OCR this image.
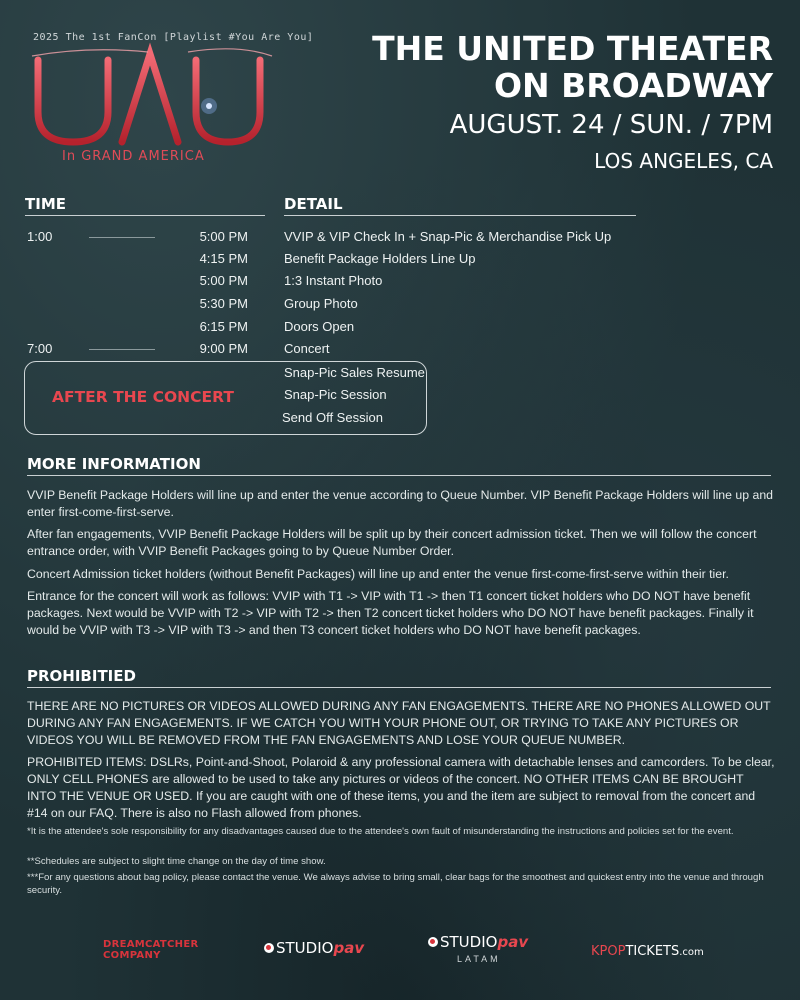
2025 The 1st FanCon [Playlist #You Are You]
In GRAND AMERICA
THE UNITED THEATER ON BROADWAY
AUGUST. 24 / SUN. / 7PM
LOS ANGELES, CA
TIME	DETAIL
1:00	5:00 PM	VVIP & VIP Check In + Snap-Pic & Merchandise Pick Up
4:15 PM	Benefit Package Holders Line Up
5:00 PM	1:3 Instant Photo
5:30 PM	Group Photo
6:15 PM	Doors Open
7:00	9:00 PM	Concert
AFTER THE CONCERT
Snap-Pic Sales Resume
Snap-Pic Session
Send Off Session
MORE INFORMATION
VVIP Benefit Package Holders will line up and enter the venue according to Queue Number. VIP Benefit Package Holders will line up and enter first-come-first-serve.
After fan engagements, VVIP Benefit Package Holders will be split up by their concert admission ticket. Then we will follow the concert entrance order, with VVIP Benefit Packages going to by Queue Number Order.
Concert Admission ticket holders (without Benefit Packages) will line up and enter the venue first-come-first-serve within their tier.
Entrance for the concert will work as follows: VVIP with T1 -> VIP with T1 -> then T1 concert ticket holders who DO NOT have benefit packages. Next would be VVIP with T2 -> VIP with T2 -> then T2 concert ticket holders who DO NOT have benefit packages. Finally it would be VVIP with T3 -> VIP with T3 -> and then T3 concert ticket holders who DO NOT have benefit packages.
PROHIBITIED
THERE ARE NO PICTURES OR VIDEOS ALLOWED DURING ANY FAN ENGAGEMENTS. THERE ARE NO PHONES ALLOWED OUT DURING ANY FAN ENGAGEMENTS. IF WE CATCH YOU WITH YOUR PHONE OUT, OR TRYING TO TAKE ANY PICTURES OR VIDEOS YOU WILL BE REMOVED FROM THE FAN ENGAGEMENTS AND LOSE YOUR QUEUE NUMBER.
PROHIBITED ITEMS: DSLRs, Point-and-Shoot, Polaroid & any professional camera with detachable lenses and camcorders. To be clear, ONLY CELL PHONES are allowed to be used to take any pictures or videos of the concert. NO OTHER ITEMS CAN BE BROUGHT INTO THE VENUE OR USED. If you are caught with one of these items, you and the item are subject to removal from the concert and #14 on our FAQ. There is also no Flash allowed from phones.
*It is the attendee's sole responsibility for any disadvantages caused due to the attendee's own fault of misunderstanding the instructions and policies set for the event.
**Schedules are subject to slight time change on the day of time show.
***For any questions about bag policy, please contact the venue. We always advise to bring small, clear bags for the smoothest and quickest entry into the venue and through security.
DREAMCATCHER
COMPANY	STUDIOpav	STUDIOpav
LATAM	KPOPTICKETS.com
